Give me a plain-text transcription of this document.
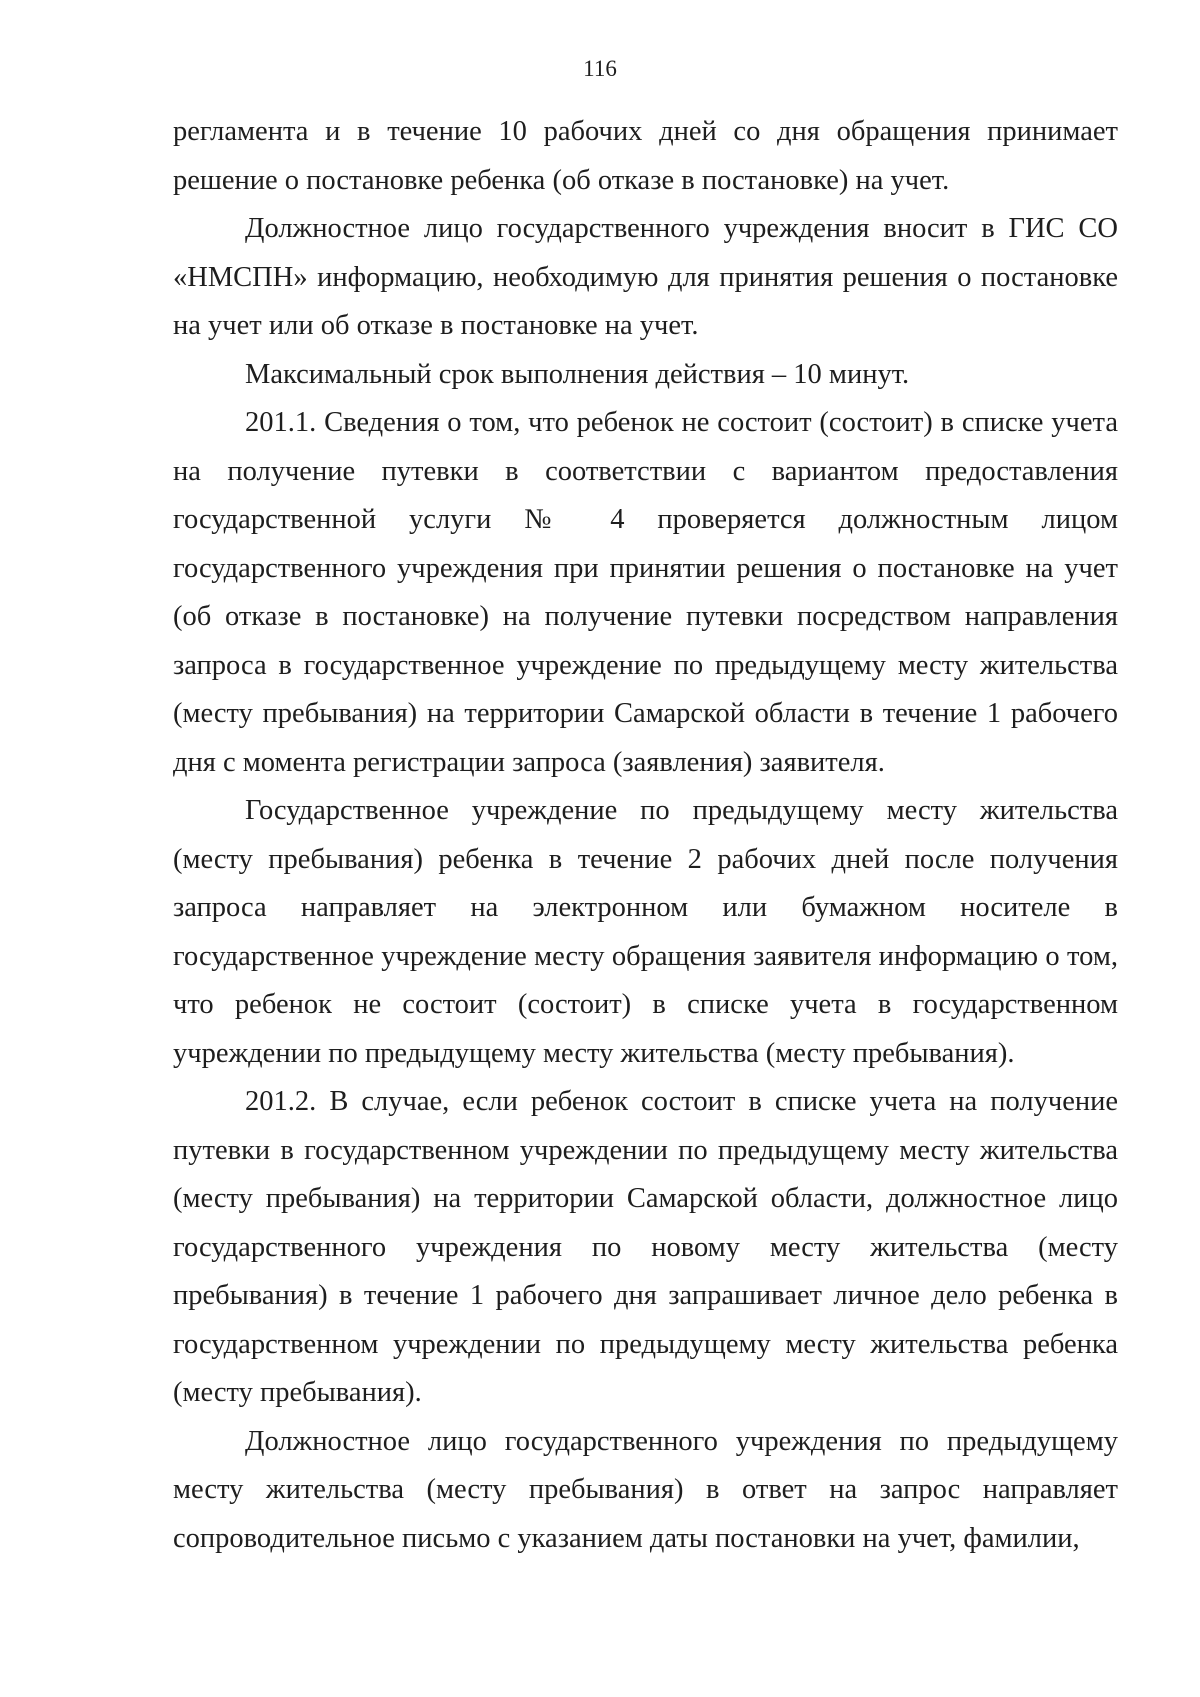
116

регламента и в течение 10 рабочих дней со дня обращения принимает решение о постановке ребенка (об отказе в постановке) на учет.

Должностное лицо государственного учреждения вносит в ГИС СО «НМСПН» информацию, необходимую для принятия решения о постановке на учет или об отказе в постановке на учет.

Максимальный срок выполнения действия – 10 минут.

201.1. Сведения о том, что ребенок не состоит (состоит) в списке учета на получение путевки в соответствии с вариантом предоставления государственной услуги № 4 проверяется должностным лицом государственного учреждения при принятии решения о постановке на учет (об отказе в постановке) на получение путевки посредством направления запроса в государственное учреждение по предыдущему месту жительства (месту пребывания) на территории Самарской области в течение 1 рабочего дня с момента регистрации запроса (заявления) заявителя.

Государственное учреждение по предыдущему месту жительства (месту пребывания) ребенка в течение 2 рабочих дней после получения запроса направляет на электронном или бумажном носителе в государственное учреждение месту обращения заявителя информацию о том, что ребенок не состоит (состоит) в списке учета в государственном учреждении по предыдущему месту жительства (месту пребывания).

201.2. В случае, если ребенок состоит в списке учета на получение путевки в государственном учреждении по предыдущему месту жительства (месту пребывания) на территории Самарской области, должностное лицо государственного учреждения по новому месту жительства (месту пребывания) в течение 1 рабочего дня запрашивает личное дело ребенка в государственном учреждении по предыдущему месту жительства ребенка (месту пребывания).

Должностное лицо государственного учреждения по предыдущему месту жительства (месту пребывания) в ответ на запрос направляет сопроводительное письмо с указанием даты постановки на учет, фамилии,
